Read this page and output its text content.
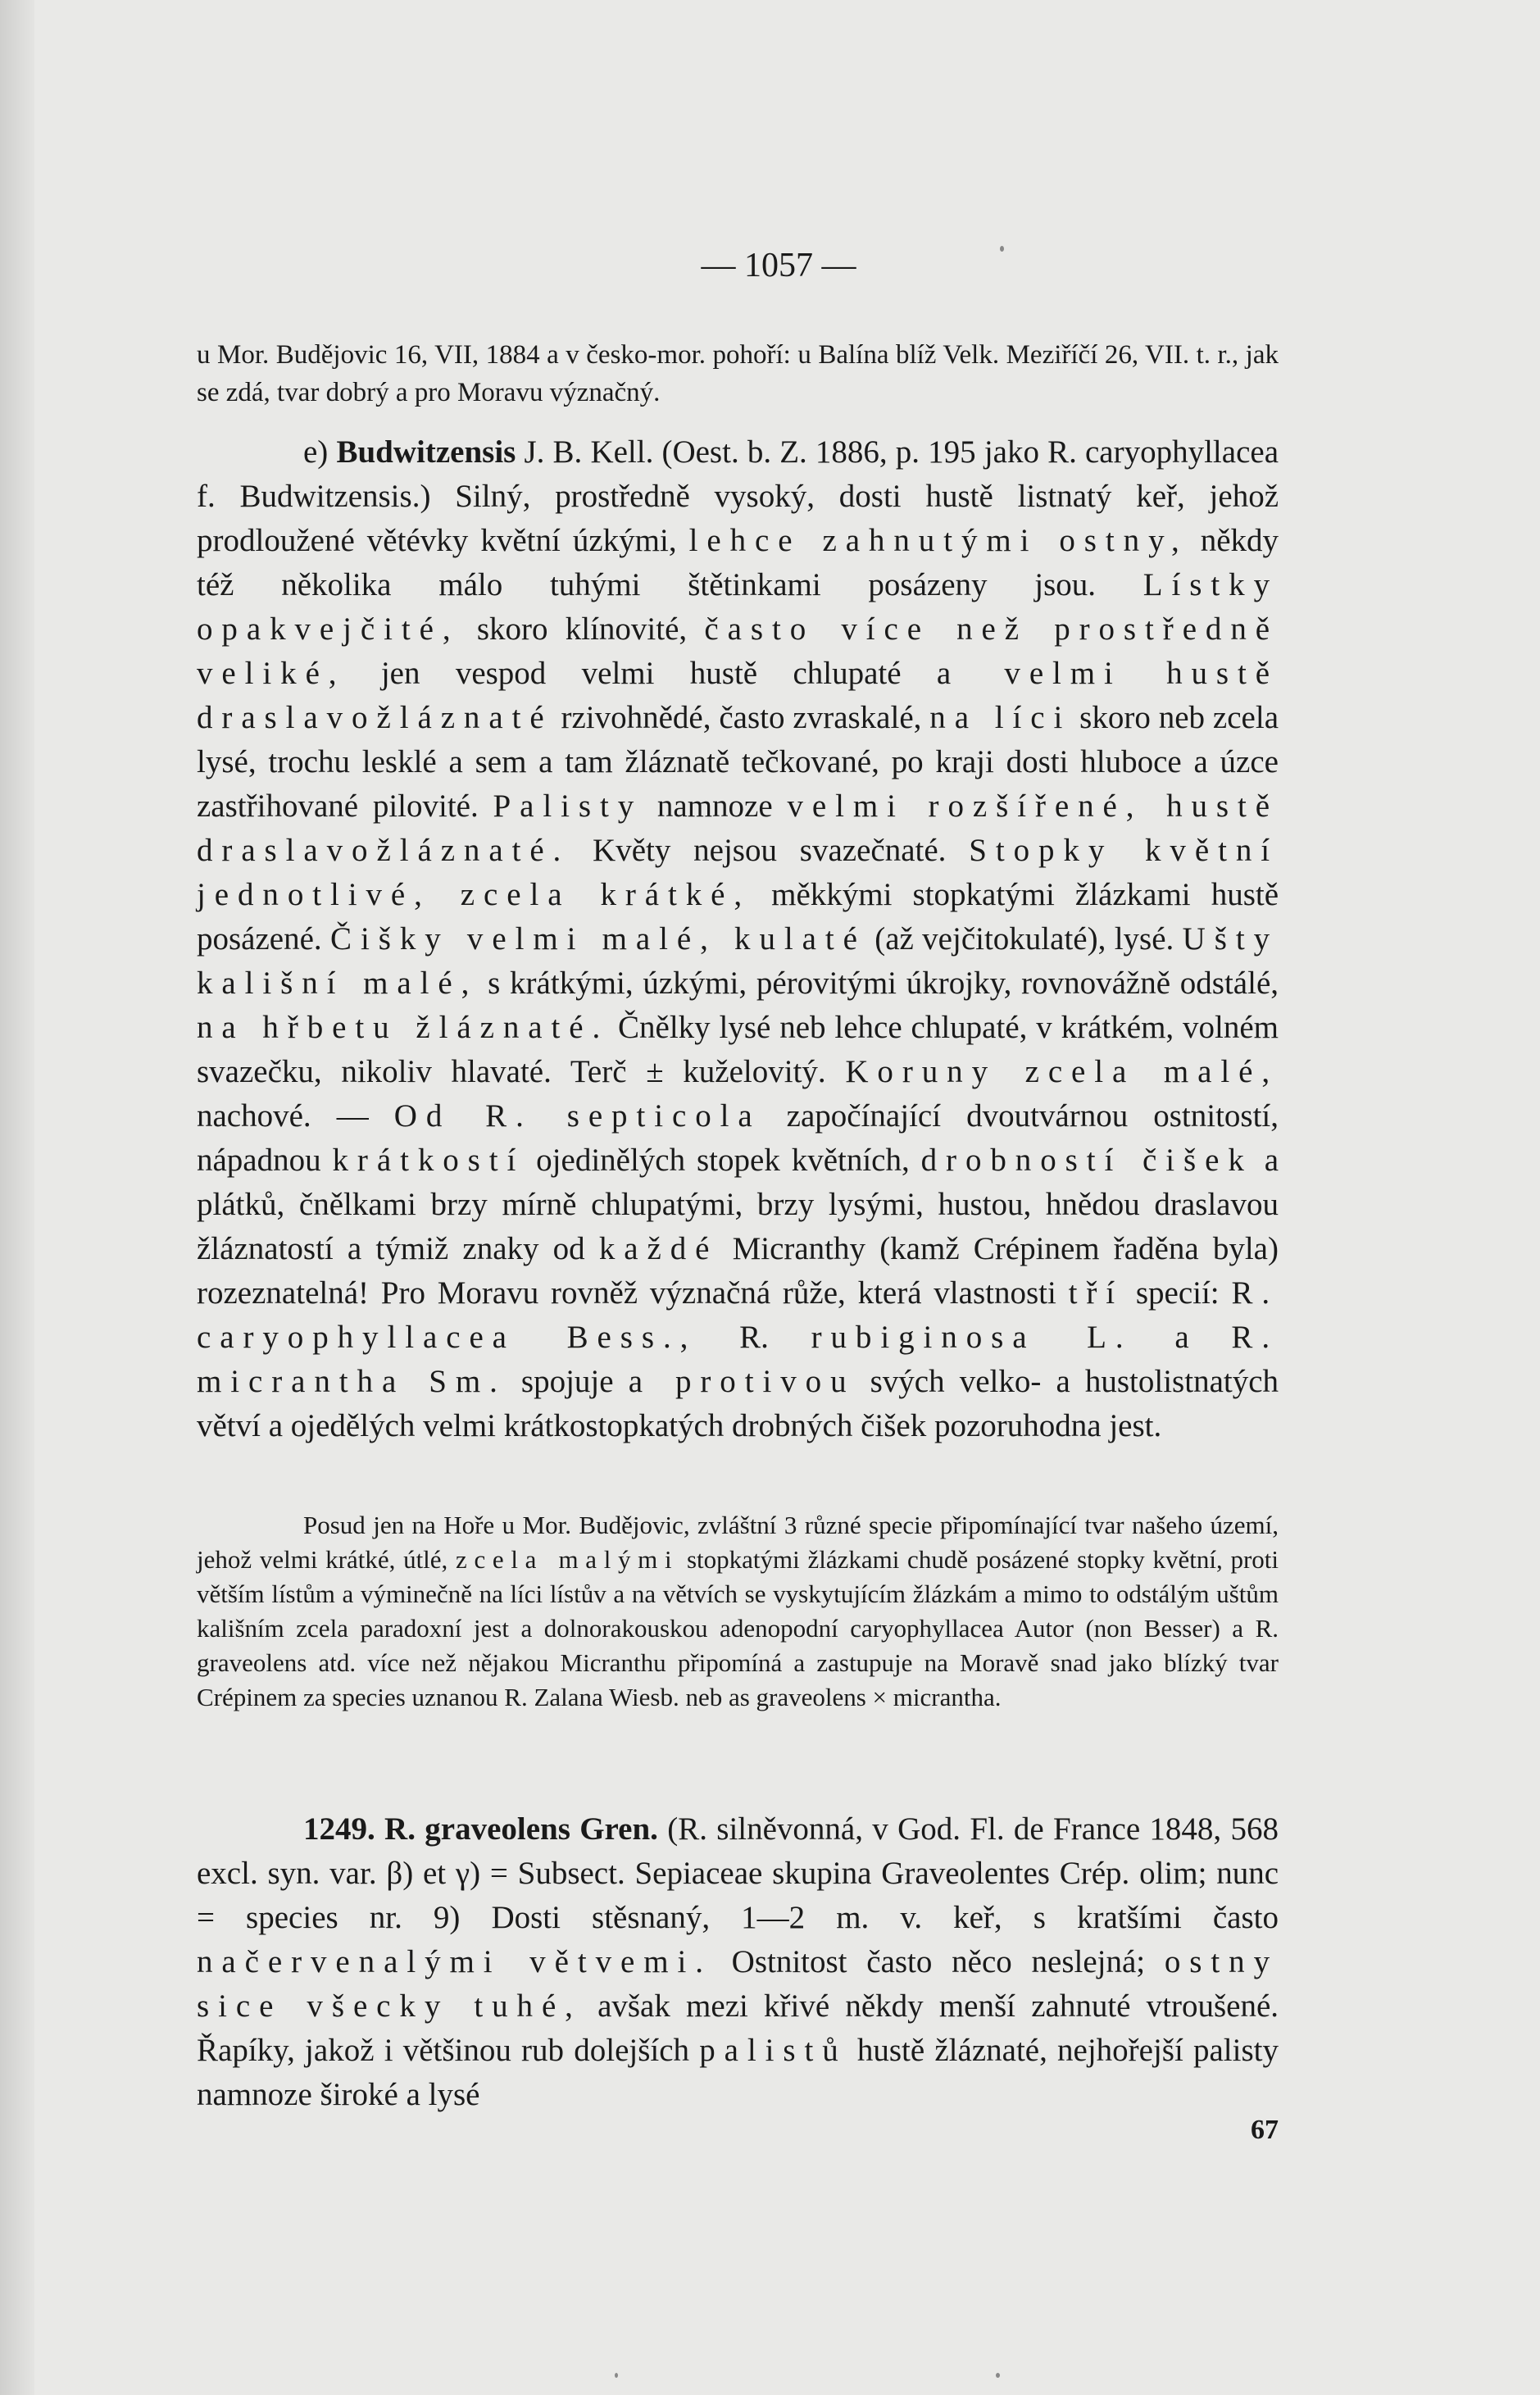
— 1057 —

u Mor. Budějovic 16, VII, 1884 a v česko-mor. pohoří: u Balína blíž Velk. Meziříčí 26, VII. t. r., jak se zdá, tvar dobrý a pro Moravu význačný.

e) Budwitzensis J. B. Kell. (Oest. b. Z. 1886, p. 195 jako R. caryophyllacea f. Budwitzensis.) Silný, prostředně vysoký, dosti hustě listnatý keř, jehož prodloužené větévky květní úzkými, lehce zahnutými ostny, někdy též několika málo tuhými štětinkami posázeny jsou. Lístky opakvejčité, skoro klínovité, často více než prostředně veliké, jen vespod velmi hustě chlupaté a velmi hustě draslavožláznaté rzivohnědé, často zvraskalé, na líci skoro neb zcela lysé, trochu lesklé a sem a tam žláznatě tečkované, po kraji dosti hluboce a úzce zastřihované pilovité. Palisty namnoze velmi rozšířené, hustě draslavožláznaté. Květy nejsou svazečnaté. Stopky květní jednotlivé, zcela krátké, měkkými stopkatými žlázkami hustě posázené. Čišky velmi malé, kulaté (až vejčitokulaté), lysé. Ušty kališní malé, s krátkými, úzkými, pérovitými úkrojky, rovnovážně odstálé, na hřbetu žláznaté. Čnělky lysé neb lehce chlupaté, v krátkém, volném svazečku, nikoliv hlavaté. Terč ± kuželovitý. Koruny zcela malé, nachové. — Od R. septicola započínající dvoutvárnou ostnitostí, nápadnou krátkostí ojedinělých stopek květních, drobností čišek a plátků, čnělkami brzy mírně chlupatými, brzy lysými, hustou, hnědou draslavou žláznatostí a týmiž znaky od každé Micranthy (kamž Crépinem řaděna byla) rozeznatelná! Pro Moravu rovněž význačná růže, která vlastnosti tří specií: R. caryophyllacea Bess., R. rubiginosa L. a R. micrantha Sm. spojuje a protivou svých velko- a hustolistnatých větví a ojedělých velmi krátkostopkatých drobných čišek pozoruhodna jest.

Posud jen na Hoře u Mor. Budějovic, zvláštní 3 různé specie připomínající tvar našeho území, jehož velmi krátké, útlé, zcela malými stopkatými žlázkami chudě posázené stopky květní, proti větším lístům a výminečně na líci lístův a na větvích se vyskytujícím žlázkám a mimo to odstálým uštům kališním zcela paradoxní jest a dolnorakouskou adenopodní caryophyllacea Autor (non Besser) a R. graveolens atd. více než nějakou Micranthu připomíná a zastupuje na Moravě snad jako blízký tvar Crépinem za species uznanou R. Zalana Wiesb. neb as graveolens × micrantha.

1249. R. graveolens Gren. (R. silněvonná, v God. Fl. de France 1848, 568 excl. syn. var. β) et γ) = Subsect. Sepiaceae skupina Graveolentes Crép. olim; nunc = species nr. 9) Dosti stěsnaný, 1—2 m. v. keř, s kratšími často načervenalými větvemi. Ostnitost často něco neslejná; ostny sice všecky tuhé, avšak mezi křivé někdy menší zahnuté vtroušené. Řapíky, jakož i většinou rub dolejších palistů hustě žláznaté, nejhořejší palisty namnoze široké a lysé

67
